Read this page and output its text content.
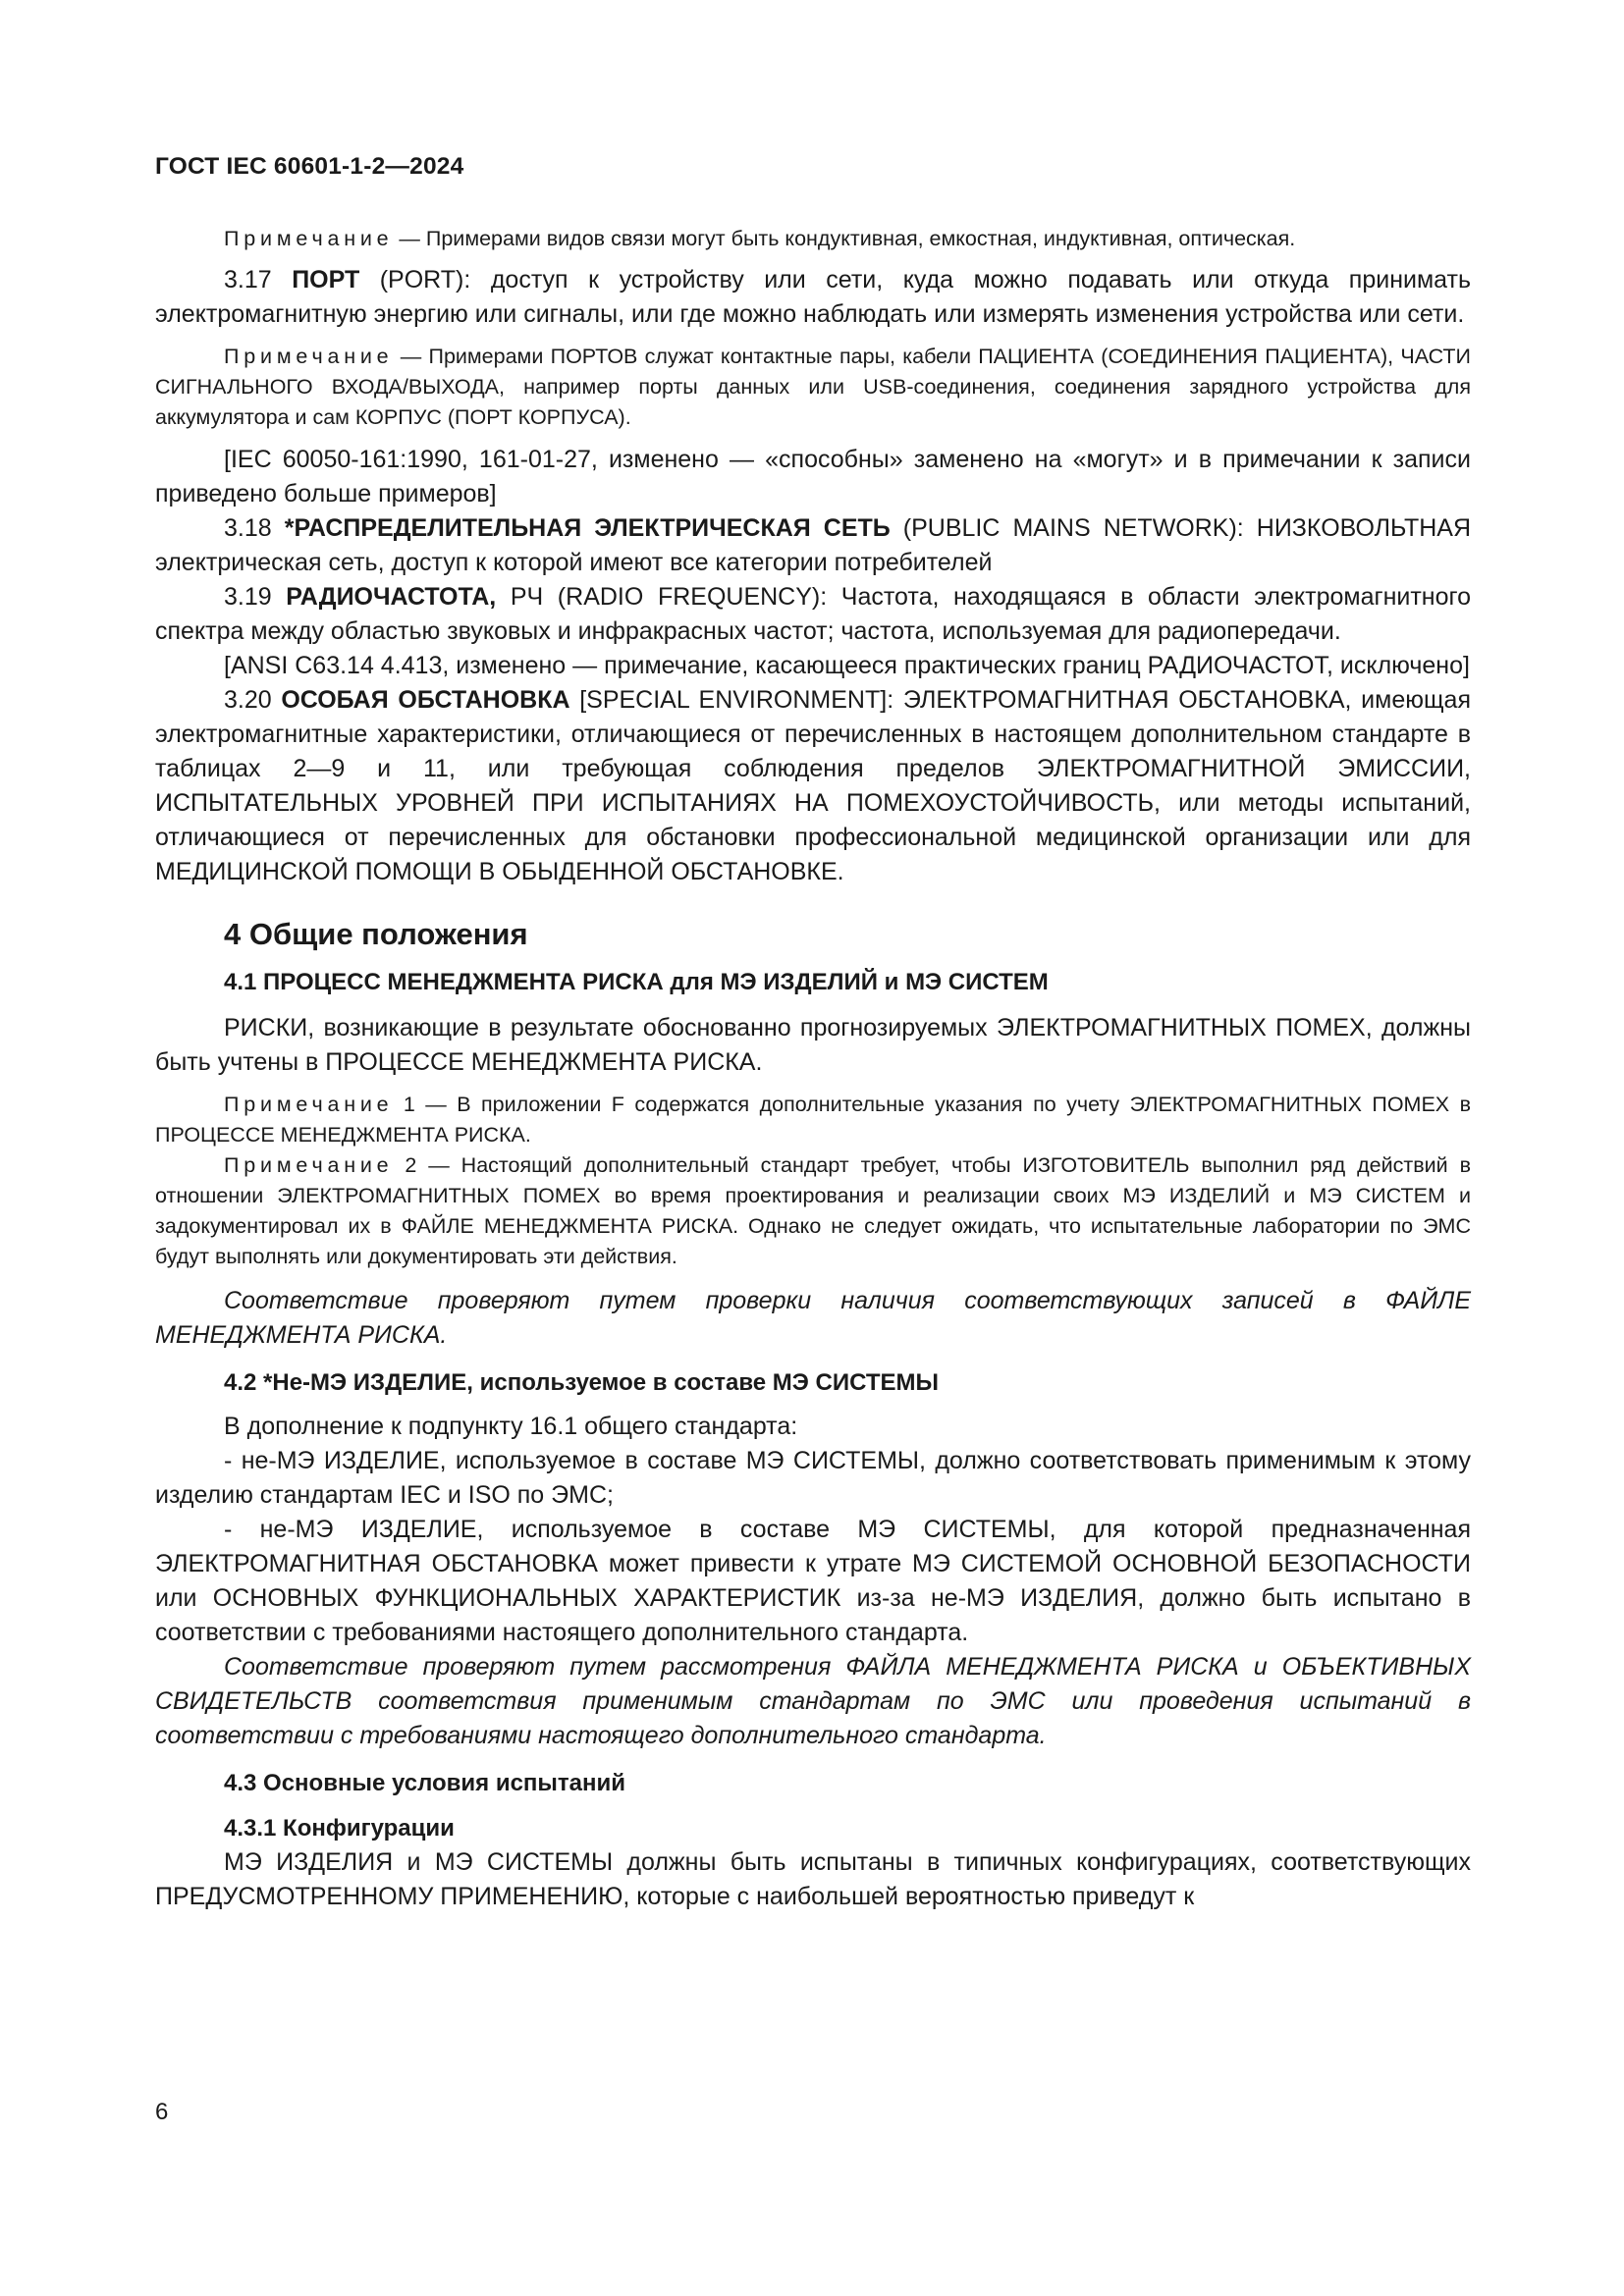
ГОСТ IEC 60601-1-2—2024

Примечание — Примерами видов связи могут быть кондуктивная, емкостная, индуктивная, оптическая.

3.17 ПОРТ (PORT): доступ к устройству или сети, куда можно подавать или откуда принимать электромагнитную энергию или сигналы, или где можно наблюдать или измерять изменения устройства или сети.

Примечание — Примерами ПОРТОВ служат контактные пары, кабели ПАЦИЕНТА (СОЕДИНЕНИЯ ПАЦИЕНТА), ЧАСТИ СИГНАЛЬНОГО ВХОДА/ВЫХОДА, например порты данных или USB-соединения, соединения зарядного устройства для аккумулятора и сам КОРПУС (ПОРТ КОРПУСА).

[IEC 60050-161:1990, 161-01-27, изменено — «способны» заменено на «могут» и в примечании к записи приведено больше примеров]

3.18 *РАСПРЕДЕЛИТЕЛЬНАЯ ЭЛЕКТРИЧЕСКАЯ СЕТЬ (PUBLIC MAINS NETWORK): НИЗКОВОЛЬТНАЯ электрическая сеть, доступ к которой имеют все категории потребителей

3.19 РАДИОЧАСТОТА, РЧ (RADIO FREQUENCY): Частота, находящаяся в области электромагнитного спектра между областью звуковых и инфракрасных частот; частота, используемая для радиопередачи.

[ANSI C63.14 4.413, изменено — примечание, касающееся практических границ РАДИОЧАСТОТ, исключено]

3.20 ОСОБАЯ ОБСТАНОВКА [SPECIAL ENVIRONMENT]: ЭЛЕКТРОМАГНИТНАЯ ОБСТАНОВКА, имеющая электромагнитные характеристики, отличающиеся от перечисленных в настоящем дополнительном стандарте в таблицах 2—9 и 11, или требующая соблюдения пределов ЭЛЕКТРОМАГНИТНОЙ ЭМИССИИ, ИСПЫТАТЕЛЬНЫХ УРОВНЕЙ ПРИ ИСПЫТАНИЯХ НА ПОМЕХОУСТОЙЧИВОСТЬ, или методы испытаний, отличающиеся от перечисленных для обстановки профессиональной медицинской организации или для МЕДИЦИНСКОЙ ПОМОЩИ В ОБЫДЕННОЙ ОБСТАНОВКЕ.

4 Общие положения
4.1 ПРОЦЕСС МЕНЕДЖМЕНТА РИСКА для МЭ ИЗДЕЛИЙ и МЭ СИСТЕМ

РИСКИ, возникающие в результате обоснованно прогнозируемых ЭЛЕКТРОМАГНИТНЫХ ПОМЕХ, должны быть учтены в ПРОЦЕССЕ МЕНЕДЖМЕНТА РИСКА.

Примечание 1 — В приложении F содержатся дополнительные указания по учету ЭЛЕКТРОМАГНИТНЫХ ПОМЕХ в ПРОЦЕССЕ МЕНЕДЖМЕНТА РИСКА.

Примечание 2 — Настоящий дополнительный стандарт требует, чтобы ИЗГОТОВИТЕЛЬ выполнил ряд действий в отношении ЭЛЕКТРОМАГНИТНЫХ ПОМЕХ во время проектирования и реализации своих МЭ ИЗДЕЛИЙ и МЭ СИСТЕМ и задокументировал их в ФАЙЛЕ МЕНЕДЖМЕНТА РИСКА. Однако не следует ожидать, что испытательные лаборатории по ЭМС будут выполнять или документировать эти действия.

Соответствие проверяют путем проверки наличия соответствующих записей в ФАЙЛЕ МЕНЕДЖМЕНТА РИСКА.

4.2 *Не-МЭ ИЗДЕЛИЕ, используемое в составе МЭ СИСТЕМЫ

В дополнение к подпункту 16.1 общего стандарта:

- не-МЭ ИЗДЕЛИЕ, используемое в составе МЭ СИСТЕМЫ, должно соответствовать применимым к этому изделию стандартам IEC и ISO по ЭМС;

- не-МЭ ИЗДЕЛИЕ, используемое в составе МЭ СИСТЕМЫ, для которой предназначенная ЭЛЕКТРОМАГНИТНАЯ ОБСТАНОВКА может привести к утрате МЭ СИСТЕМОЙ ОСНОВНОЙ БЕЗОПАСНОСТИ или ОСНОВНЫХ ФУНКЦИОНАЛЬНЫХ ХАРАКТЕРИСТИК из-за не-МЭ ИЗДЕЛИЯ, должно быть испытано в соответствии с требованиями настоящего дополнительного стандарта.

Соответствие проверяют путем рассмотрения ФАЙЛА МЕНЕДЖМЕНТА РИСКА и ОБЪЕКТИВНЫХ СВИДЕТЕЛЬСТВ соответствия применимым стандартам по ЭМС или проведения испытаний в соответствии с требованиями настоящего дополнительного стандарта.

4.3 Основные условия испытаний
4.3.1 Конфигурации

МЭ ИЗДЕЛИЯ и МЭ СИСТЕМЫ должны быть испытаны в типичных конфигурациях, соответствующих ПРЕДУСМОТРЕННОМУ ПРИМЕНЕНИЮ, которые с наибольшей вероятностью приведут к

6
